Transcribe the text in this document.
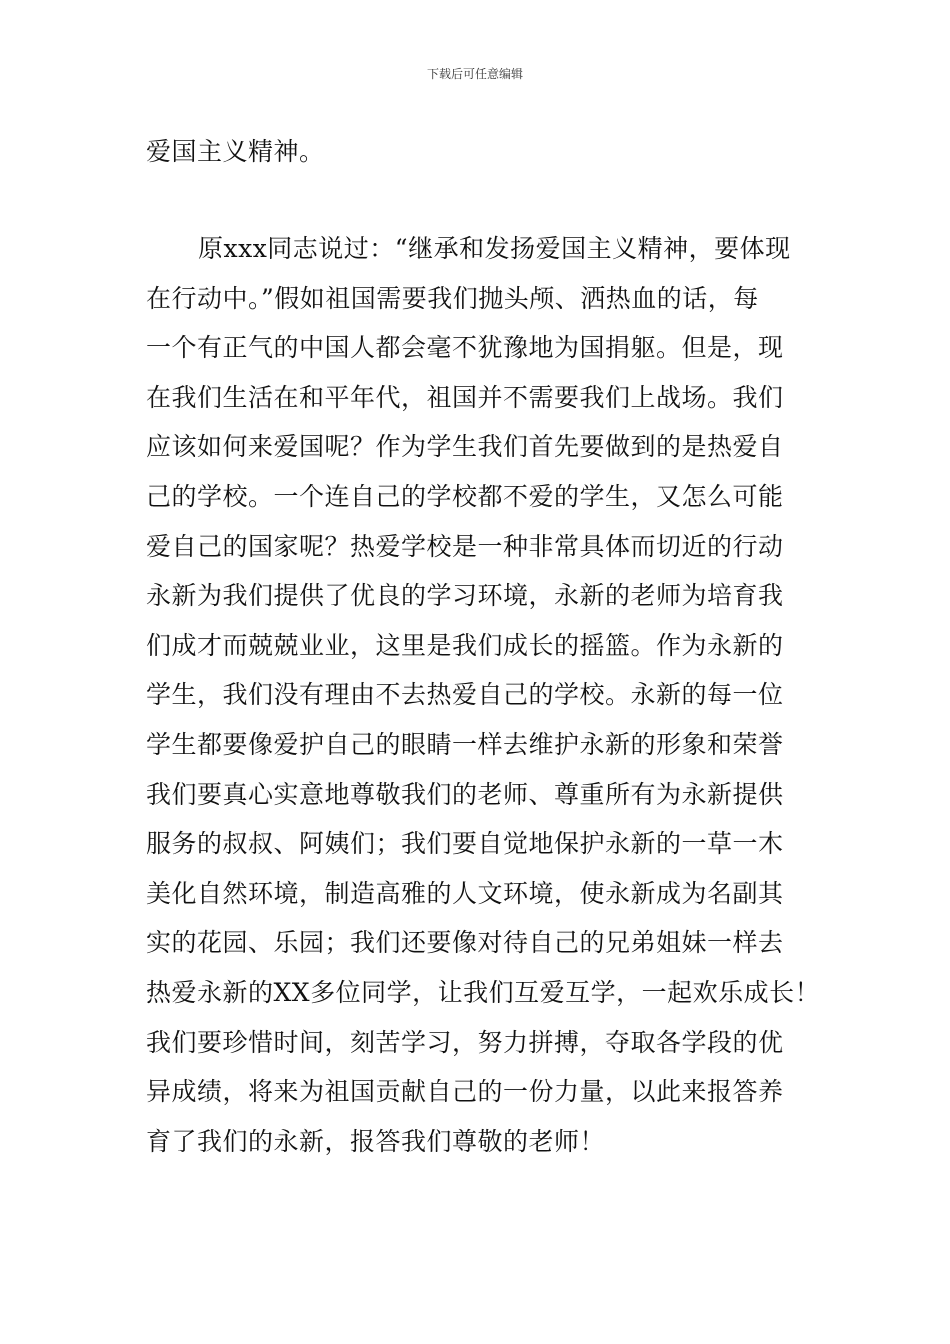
下载后可任意编辑
爱国主义精神。
原xxx同志说过：“继承和发扬爱国主义精神，要体现
在行动中。”假如祖国需要我们抛头颅、洒热血的话，每
一个有正气的中国人都会毫不犹豫地为国捐躯。但是，现
在我们生活在和平年代，祖国并不需要我们上战场。我们
应该如何来爱国呢？作为学生我们首先要做到的是热爱自
己的学校。一个连自己的学校都不爱的学生，又怎么可能
爱自己的国家呢？热爱学校是一种非常具体而切近的行动
永新为我们提供了优良的学习环境，永新的老师为培育我
们成才而兢兢业业，这里是我们成长的摇篮。作为永新的
学生，我们没有理由不去热爱自己的学校。永新的每一位
学生都要像爱护自己的眼睛一样去维护永新的形象和荣誉
我们要真心实意地尊敬我们的老师、尊重所有为永新提供
服务的叔叔、阿姨们；我们要自觉地保护永新的一草一木
美化自然环境，制造高雅的人文环境，使永新成为名副其
实的花园、乐园；我们还要像对待自己的兄弟姐妹一样去
热爱永新的XX多位同学，让我们互爱互学，一起欢乐成长！
我们要珍惜时间，刻苦学习，努力拼搏，夺取各学段的优
异成绩，将来为祖国贡献自己的一份力量，以此来报答养
育了我们的永新，报答我们尊敬的老师！
